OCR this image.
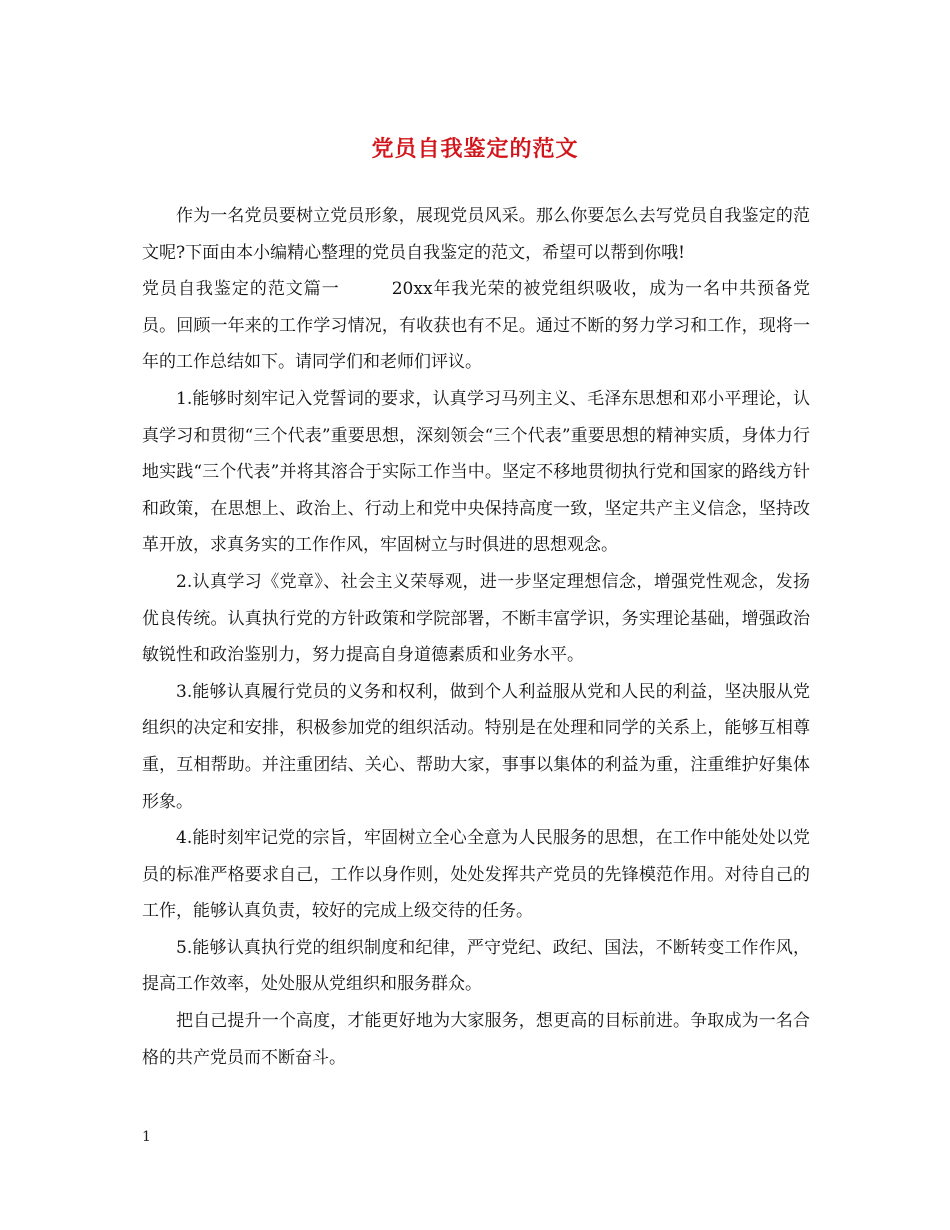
党员自我鉴定的范文

作为一名党员要树立党员形象，展现党员风采。那么你要怎么去写党员自我鉴定的范文呢?下面由本小编精心整理的党员自我鉴定的范文，希望可以帮到你哦!

党员自我鉴定的范文篇一	20xx年我光荣的被党组织吸收，成为一名中共预备党员。回顾一年来的工作学习情况，有收获也有不足。通过不断的努力学习和工作，现将一年的工作总结如下。请同学们和老师们评议。

1.能够时刻牢记入党誓词的要求，认真学习马列主义、毛泽东思想和邓小平理论，认真学习和贯彻“三个代表”重要思想，深刻领会“三个代表”重要思想的精神实质，身体力行地实践“三个代表”并将其溶合于实际工作当中。坚定不移地贯彻执行党和国家的路线方针和政策，在思想上、政治上、行动上和党中央保持高度一致，坚定共产主义信念，坚持改革开放，求真务实的工作作风，牢固树立与时俱进的思想观念。

2.认真学习《党章》、社会主义荣辱观，进一步坚定理想信念，增强党性观念，发扬优良传统。认真执行党的方针政策和学院部署，不断丰富学识，务实理论基础，增强政治敏锐性和政治鉴别力，努力提高自身道德素质和业务水平。

3.能够认真履行党员的义务和权利，做到个人利益服从党和人民的利益，坚决服从党组织的决定和安排，积极参加党的组织活动。特别是在处理和同学的关系上，能够互相尊重，互相帮助。并注重团结、关心、帮助大家，事事以集体的利益为重，注重维护好集体形象。

4.能时刻牢记党的宗旨，牢固树立全心全意为人民服务的思想，在工作中能处处以党员的标准严格要求自己，工作以身作则，处处发挥共产党员的先锋模范作用。对待自己的工作，能够认真负责，较好的完成上级交待的任务。

5.能够认真执行党的组织制度和纪律，严守党纪、政纪、国法，不断转变工作作风，提高工作效率，处处服从党组织和服务群众。

把自己提升一个高度，才能更好地为大家服务，想更高的目标前进。争取成为一名合格的共产党员而不断奋斗。

1
